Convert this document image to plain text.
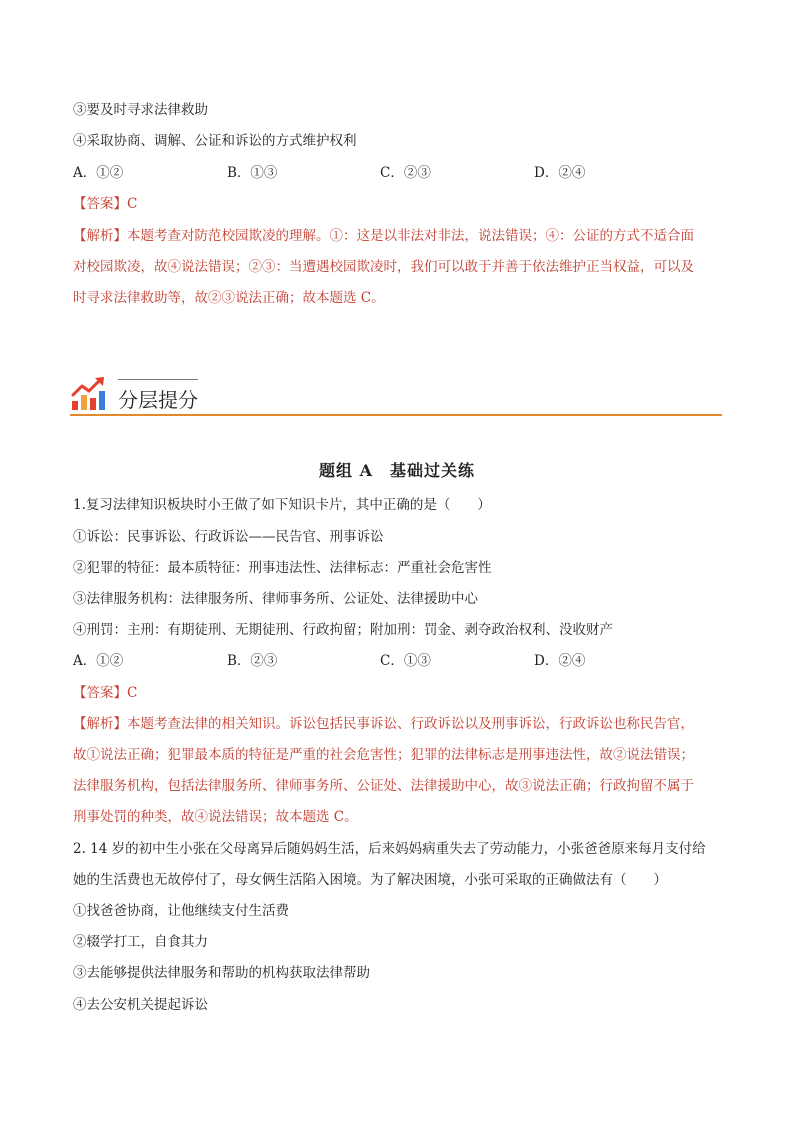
③要及时寻求法律救助
④采取协商、调解、公证和诉讼的方式维护权利
A．①②	B．①③	C．②③	D．②④
【答案】C
【解析】本题考查对防范校园欺凌的理解。①：这是以非法对非法，说法错误；④：公证的方式不适合面
对校园欺凌，故④说法错误；②③：当遭遇校园欺凌时，我们可以敢于并善于依法维护正当权益，可以及
时寻求法律救助等，故②③说法正确；故本题选 C。
分层提分
题组 A　基础过关练
1.复习法律知识板块时小王做了如下知识卡片，其中正确的是（　　）
①诉讼：民事诉讼、行政诉讼——民告官、刑事诉讼
②犯罪的特征：最本质特征：刑事违法性、法律标志：严重社会危害性
③法律服务机构：法律服务所、律师事务所、公证处、法律援助中心
④刑罚：主刑：有期徒刑、无期徒刑、行政拘留；附加刑：罚金、剥夺政治权利、没收财产
A．①②	B．②③	C．①③	D．②④
【答案】C
【解析】本题考查法律的相关知识。诉讼包括民事诉讼、行政诉讼以及刑事诉讼，行政诉讼也称民告官，
故①说法正确；犯罪最本质的特征是严重的社会危害性；犯罪的法律标志是刑事违法性，故②说法错误；
法律服务机构，包括法律服务所、律师事务所、公证处、法律援助中心，故③说法正确；行政拘留不属于
刑事处罚的种类，故④说法错误；故本题选 C。
2. 14 岁的初中生小张在父母离异后随妈妈生活，后来妈妈病重失去了劳动能力，小张爸爸原来每月支付给
她的生活费也无故停付了，母女俩生活陷入困境。为了解决困境，小张可采取的正确做法有（　　）
①找爸爸协商，让他继续支付生活费
②辍学打工，自食其力
③去能够提供法律服务和帮助的机构获取法律帮助
④去公安机关提起诉讼
